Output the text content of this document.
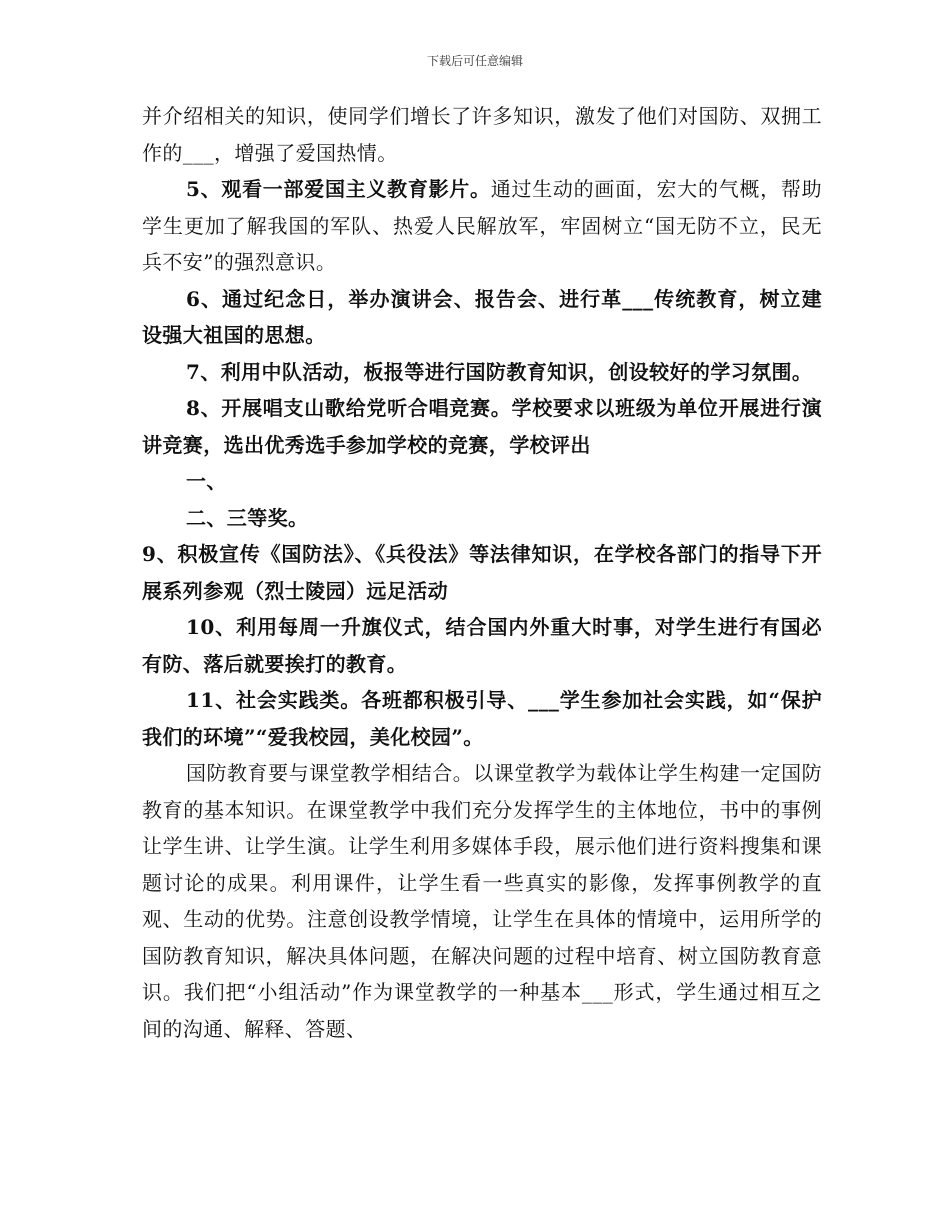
下载后可任意编辑

并介绍相关的知识，使同学们增长了许多知识，激发了他们对国防、双拥工作的___，增强了爱国热情。

5、观看一部爱国主义教育影片。通过生动的画面，宏大的气概，帮助学生更加了解我国的军队、热爱人民解放军，牢固树立“国无防不立，民无兵不安”的强烈意识。

6、通过纪念日，举办演讲会、报告会、进行革___传统教育，树立建设强大祖国的思想。

7、利用中队活动，板报等进行国防教育知识，创设较好的学习氛围。

8、开展唱支山歌给党听合唱竞赛。学校要求以班级为单位开展进行演讲竞赛，选出优秀选手参加学校的竞赛，学校评出

一、

二、三等奖。

9、积极宣传《国防法》、《兵役法》等法律知识，在学校各部门的指导下开展系列参观（烈士陵园）远足活动

10、利用每周一升旗仪式，结合国内外重大时事，对学生进行有国必有防、落后就要挨打的教育。

11、社会实践类。各班都积极引导、___学生参加社会实践，如“保护我们的环境”“爱我校园，美化校园”。

国防教育要与课堂教学相结合。以课堂教学为载体让学生构建一定国防教育的基本知识。在课堂教学中我们充分发挥学生的主体地位，书中的事例让学生讲、让学生演。让学生利用多媒体手段，展示他们进行资料搜集和课题讨论的成果。利用课件，让学生看一些真实的影像，发挥事例教学的直观、生动的优势。注意创设教学情境，让学生在具体的情境中，运用所学的国防教育知识，解决具体问题，在解决问题的过程中培育、树立国防教育意识。我们把“小组活动”作为课堂教学的一种基本___形式，学生通过相互之间的沟通、解释、答题、
